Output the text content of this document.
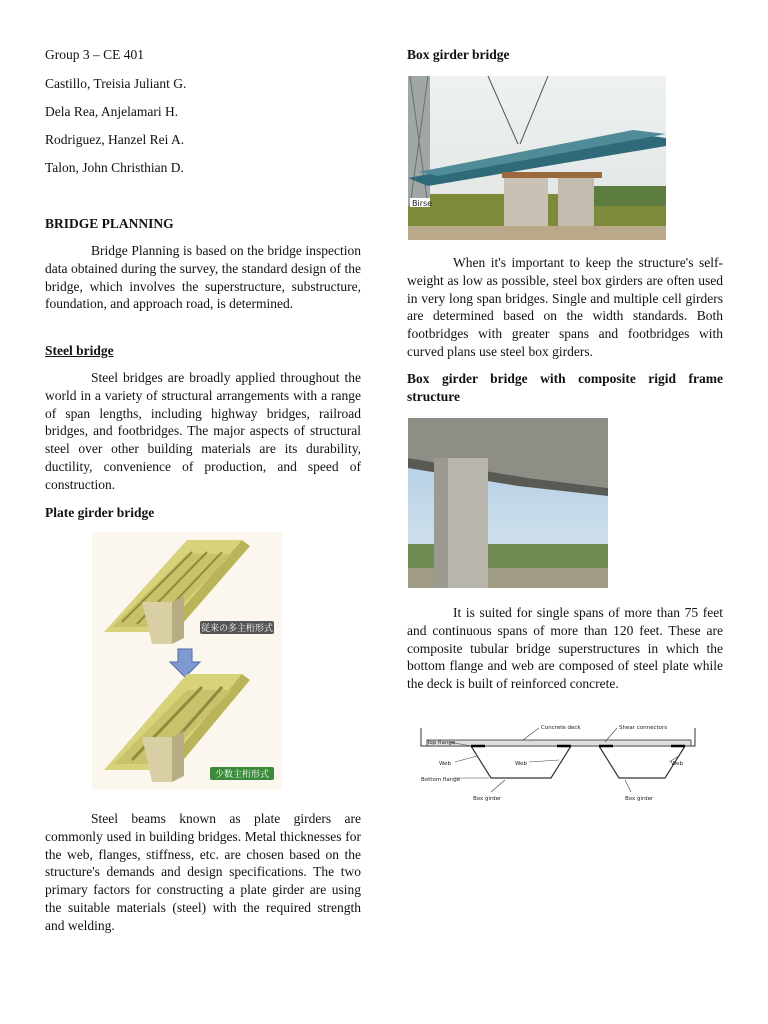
Group 3 – CE 401
Castillo, Treisia Juliant G.
Dela Rea, Anjelamari H.
Rodriguez, Hanzel Rei A.
Talon, John Christhian D.
BRIDGE PLANNING

Bridge Planning is based on the bridge inspection data obtained during the survey, the standard design of the bridge, which involves the superstructure, substructure, foundation, and approach road, is determined.

Steel bridge

Steel bridges are broadly applied throughout the world in a variety of structural arrangements with a range of span lengths, including highway bridges, railroad bridges, and footbridges. The major aspects of structural steel over other building materials are its durability, ductility, convenience of production, and speed of construction.

Plate girder bridge
従来の多主桁形式
少数主桁形式

Steel beams known as plate girders are commonly used in building bridges. Metal thicknesses for the web, flanges, stiffness, etc. are chosen based on the structure's demands and design specifications. The two primary factors for constructing a plate girder are using the suitable materials (steel) with the required strength and welding.

Box girder bridge
Birse

When it's important to keep the structure's self-weight as low as possible, steel box girders are often used in very long span bridges. Single and multiple cell girders are determined based on the width standards. Both footbridges with greater spans and footbridges with curved plans use steel box girders.

Box girder bridge with composite rigid frame structure

It is suited for single spans of more than 75 feet and continuous spans of more than 120 feet. These are composite tubular bridge superstructures in which the bottom flange and web are composed of steel plate while the deck is built of reinforced concrete.

Concrete deck	Shear connectors
Top flange
Web	Web	Web
Bottom flange
Box girder	Box girder
